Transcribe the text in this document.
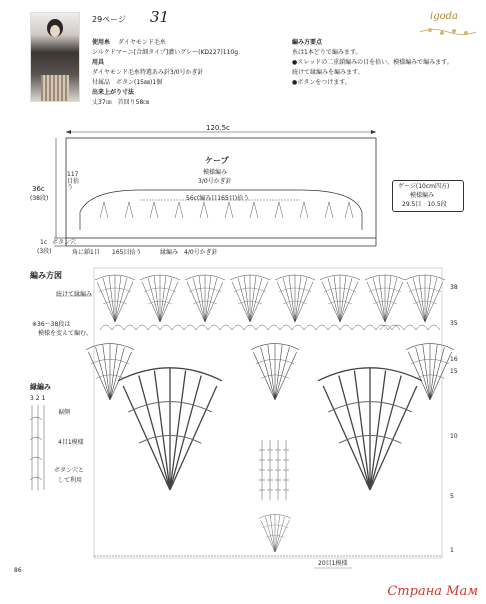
29ページ 31	igoda
使用糸 ダイヤモンド毛糸
シルクドマーニ[合細タイプ]濃いグレー(KD227)110g
用具
ダイヤモンド毛糸特選あみ針3/0号かぎ針
付属品　ボタン(15㎜)1個
出来上がり寸法
丈37㎝　首回り58㎝
編み方要点
糸は1本どりで編みます。
●スレッドの二重鎖編みの目を拾い、模様編みで編みます。
続けて縁編みを編みます。
●ボタンをつけます。
120.5c
ケープ
模様編み
3/0号かぎ針
36c
(38段)
117目拾う
56c(編み目165目)拾う
ボタン穴
1c
(3段)	角に鎖1目 165目拾う	縁編み　4/0号かぎ針
ゲージ(10cm四方)
模様編み
29.5目　10.5段
編み方図
続けて縁編み
※36〜38段は
模様を変えて編む。
縁編み
3 2 1
裾側
4目1模様
ボタン穴と
して利用
38
35
16
15
10
5
1
20目1模様
86
Страна Мам
